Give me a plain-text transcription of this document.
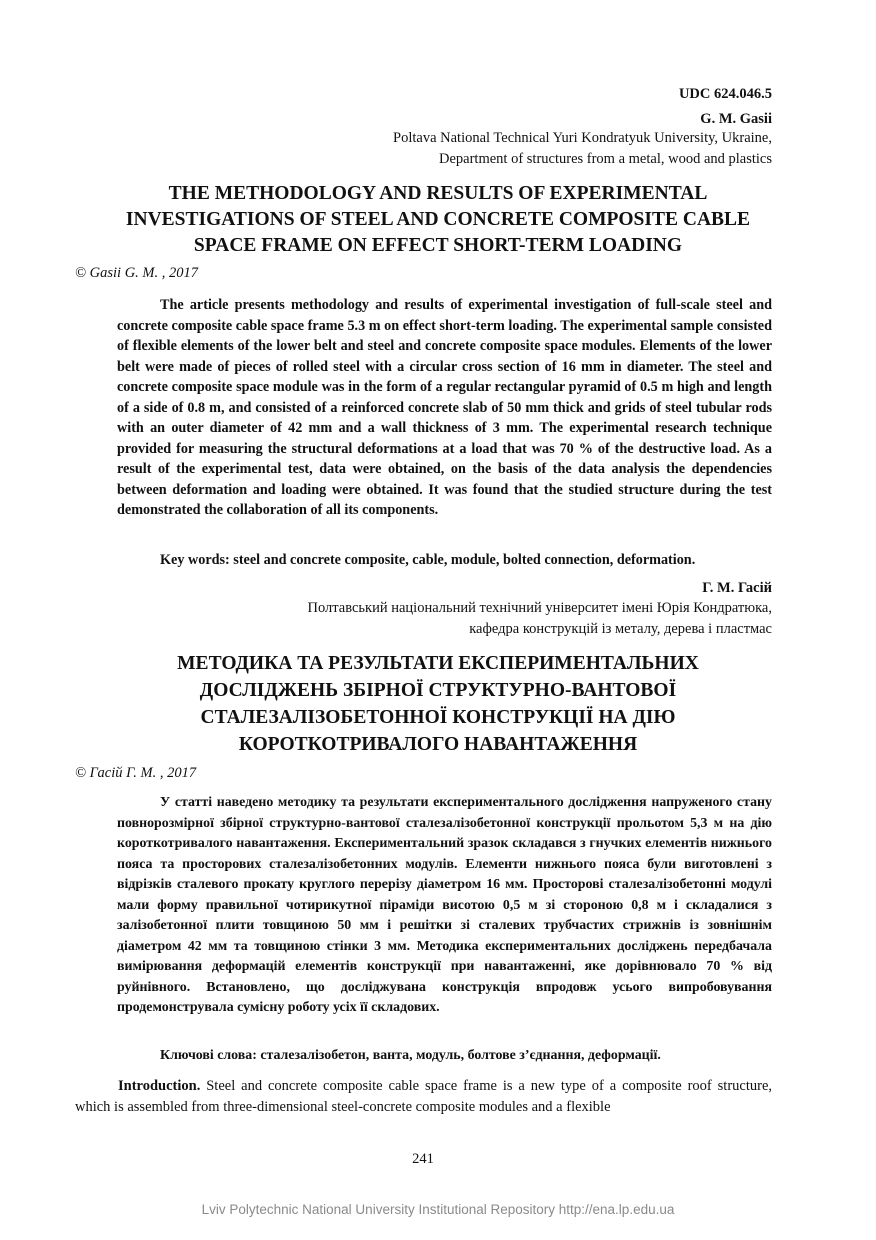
UDC 624.046.5
G. M. Gasii
Poltava National Technical Yuri Kondratyuk University, Ukraine,
Department of structures from a metal, wood and plastics
THE METHODOLOGY AND RESULTS OF EXPERIMENTAL
INVESTIGATIONS OF STEEL AND CONCRETE COMPOSITE CABLE
SPACE FRAME ON EFFECT SHORT-TERM LOADING
© Gasii G. M. , 2017

The article presents methodology and results of experimental investigation of full-scale steel and concrete composite cable space frame 5.3 m on effect short-term loading. The experimental sample consisted of flexible elements of the lower belt and steel and concrete composite space modules. Elements of the lower belt were made of pieces of rolled steel with a circular cross section of 16 mm in diameter. The steel and concrete composite space module was in the form of a regular rectangular pyramid of 0.5 m high and length of a side of 0.8 m, and consisted of a reinforced concrete slab of 50 mm thick and grids of steel tubular rods with an outer diameter of 42 mm and a wall thickness of 3 mm. The experimental research technique provided for measuring the structural deformations at a load that was 70 % of the destructive load. As a result of the experimental test, data were obtained, on the basis of the data analysis the dependencies between deformation and loading were obtained. It was found that the studied structure during the test demonstrated the collaboration of all its components.

Key words: steel and concrete composite, cable, module, bolted connection, deformation.
Г. М. Гасій
Полтавський національний технічний університет імені Юрія Кондратюка,
кафедра конструкцій із металу, дерева і пластмас
МЕТОДИКА ТА РЕЗУЛЬТАТИ ЕКСПЕРИМЕНТАЛЬНИХ
ДОСЛІДЖЕНЬ ЗБІРНОЇ СТРУКТУРНО-ВАНТОВОЇ
СТАЛЕЗАЛІЗОБЕТОННОЇ КОНСТРУКЦІЇ НА ДІЮ
КОРОТКОТРИВАЛОГО НАВАНТАЖЕННЯ
© Гасій Г. М. , 2017

У статті наведено методику та результати експериментального дослідження напруженого стану повнорозмірної збірної структурно-вантової сталезалізобетонної конструкції прольотом 5,3 м на дію короткотривалого навантаження. Експериментальний зразок складався з гнучких елементів нижнього пояса та просторових сталезалізобетонних модулів. Елементи нижнього пояса були виготовлені з відрізків сталевого прокату круглого перерізу діаметром 16 мм. Просторові сталезалізобетонні модулі мали форму правильної чотирикутної піраміди висотою 0,5 м зі стороною 0,8 м і складалися з залізобетонної плити товщиною 50 мм і решітки зі сталевих трубчастих стрижнів із зовнішнім діаметром 42 мм та товщиною стінки 3 мм. Методика експериментальних досліджень передбачала вимірювання деформацій елементів конструкції при навантаженні, яке дорівнювало 70 % від руйнівного. Встановлено, що досліджувана конструкція впродовж усього випробовування продемонструвала сумісну роботу усіх її складових.

Ключові слова: сталезалізобетон, ванта, модуль, болтове з’єднання, деформації.

Introduction. Steel and concrete composite cable space frame is a new type of a composite roof structure, which is assembled from three-dimensional steel-concrete composite modules and a flexible

241
Lviv Polytechnic National University Institutional Repository http://ena.lp.edu.ua
